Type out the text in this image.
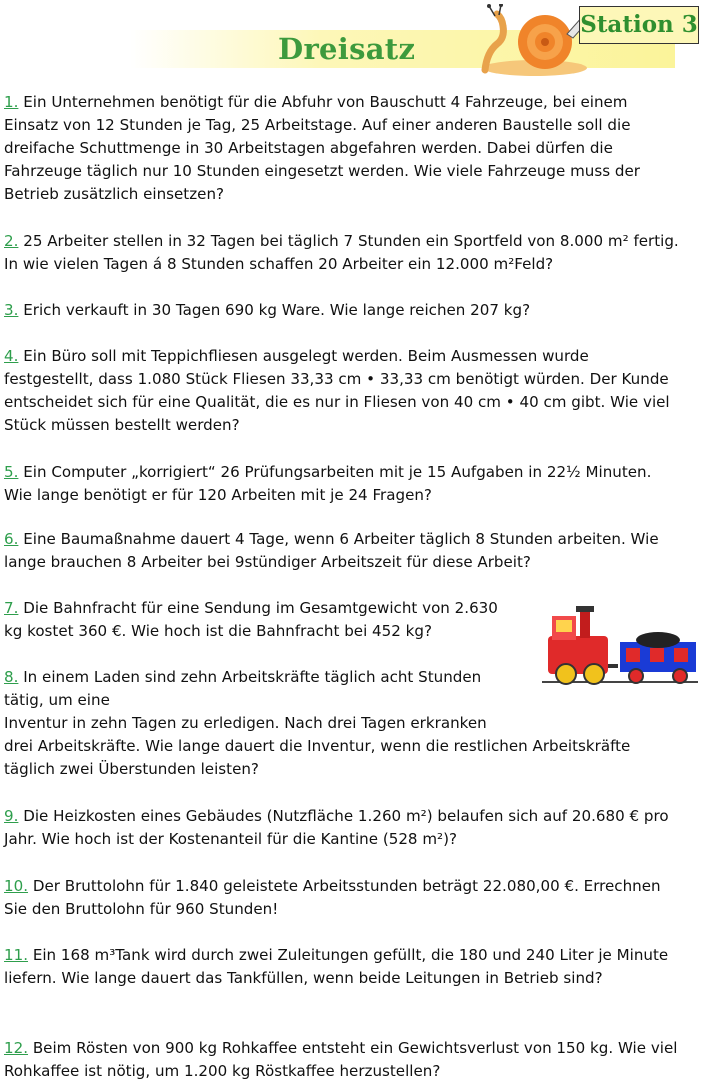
Dreisatz
Station 3

1. Ein Unternehmen benötigt für die Abfuhr von Bauschutt 4 Fahrzeuge, bei einem Einsatz von 12 Stunden je Tag, 25 Arbeitstage. Auf einer anderen Baustelle soll die dreifache Schuttmenge in 30 Arbeitstagen abgefahren werden. Dabei dürfen die Fahrzeuge täglich nur 10 Stunden eingesetzt werden. Wie viele Fahrzeuge muss der Betrieb zusätzlich einsetzen?

2. 25 Arbeiter stellen in 32 Tagen bei täglich 7 Stunden ein Sportfeld von 8.000 m² fertig. In wie vielen Tagen á 8 Stunden schaffen 20 Arbeiter ein 12.000 m²Feld?

3. Erich verkauft in 30 Tagen 690 kg Ware. Wie lange reichen 207 kg?

4. Ein Büro soll mit Teppichfliesen ausgelegt werden. Beim Ausmessen wurde festgestellt, dass 1.080 Stück Fliesen 33,33 cm • 33,33 cm benötigt würden. Der Kunde entscheidet sich für eine Qualität, die es nur in Fliesen von 40 cm • 40 cm gibt. Wie viel Stück müssen bestellt werden?

5. Ein Computer „korrigiert“ 26 Prüfungsarbeiten mit je 15 Aufgaben in 22½ Minuten. Wie lange benötigt er für 120 Arbeiten mit je 24 Fragen?

6. Eine Baumaßnahme dauert 4 Tage, wenn 6 Arbeiter täglich 8 Stunden arbeiten. Wie lange brauchen 8 Arbeiter bei 9stündiger Arbeitszeit für diese Arbeit?

7. Die Bahnfracht für eine Sendung im Gesamtgewicht von 2.630
kg kostet 360 €. Wie hoch ist die Bahnfracht bei 452 kg?

8. In einem Laden sind zehn Arbeitskräfte täglich acht Stunden
tätig, um eine
Inventur in zehn Tagen zu erledigen. Nach drei Tagen erkranken
drei Arbeitskräfte. Wie lange dauert die Inventur, wenn die restlichen Arbeitskräfte
täglich zwei Überstunden leisten?

9. Die Heizkosten eines Gebäudes (Nutzfläche 1.260 m²) belaufen sich auf 20.680 € pro Jahr. Wie hoch ist der Kostenanteil für die Kantine (528 m²)?

10. Der Bruttolohn für 1.840 geleistete Arbeitsstunden beträgt 22.080,00 €. Errechnen Sie den Bruttolohn für 960 Stunden!

11. Ein 168 m³Tank wird durch zwei Zuleitungen gefüllt, die 180 und 240 Liter je Minute liefern. Wie lange dauert das Tankfüllen, wenn beide Leitungen in Betrieb sind?

12. Beim Rösten von 900 kg Rohkaffee entsteht ein Gewichtsverlust von 150 kg. Wie viel Rohkaffee ist nötig, um 1.200 kg Röstkaffee herzustellen?
